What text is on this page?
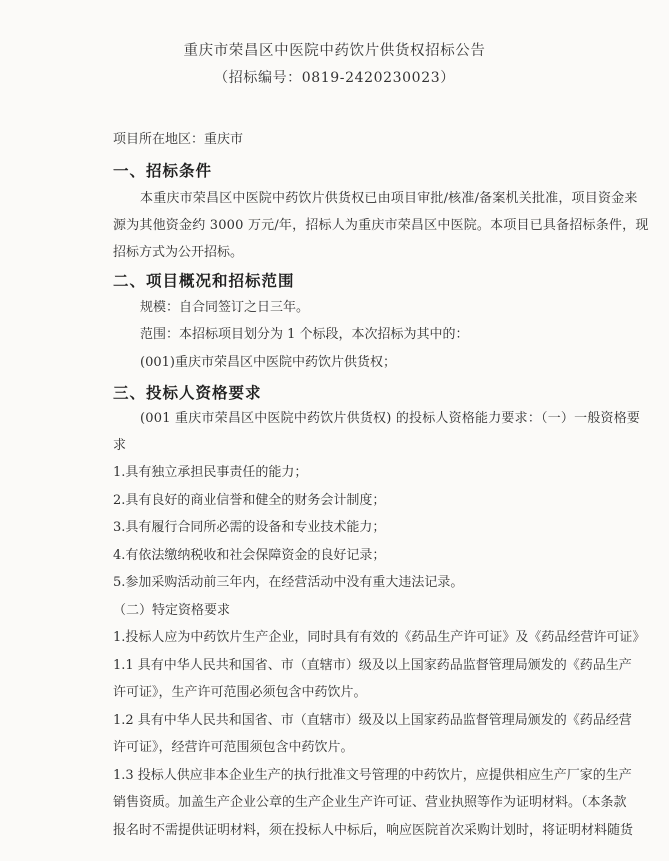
重庆市荣昌区中医院中药饮片供货权招标公告
（招标编号：0819-2420230023）
项目所在地区：重庆市
一、招标条件
本重庆市荣昌区中医院中药饮片供货权已由项目审批/核准/备案机关批准，项目资金来
源为其他资金约 3000 万元/年，招标人为重庆市荣昌区中医院。本项目已具备招标条件，现
招标方式为公开招标。
二、项目概况和招标范围
规模：自合同签订之日三年。
范围：本招标项目划分为 1 个标段，本次招标为其中的：
(001)重庆市荣昌区中医院中药饮片供货权；
三、投标人资格要求
(001 重庆市荣昌区中医院中药饮片供货权) 的投标人资格能力要求：（一）一般资格要
求
1.具有独立承担民事责任的能力；
2.具有良好的商业信誉和健全的财务会计制度；
3.具有履行合同所必需的设备和专业技术能力；
4.有依法缴纳税收和社会保障资金的良好记录；
5.参加采购活动前三年内，在经营活动中没有重大违法记录。
（二）特定资格要求
1.投标人应为中药饮片生产企业，同时具有有效的《药品生产许可证》及《药品经营许可证》
1.1 具有中华人民共和国省、市（直辖市）级及以上国家药品监督管理局颁发的《药品生产
许可证》，生产许可范围必须包含中药饮片。
1.2 具有中华人民共和国省、市（直辖市）级及以上国家药品监督管理局颁发的《药品经营
许可证》，经营许可范围须包含中药饮片。
1.3 投标人供应非本企业生产的执行批准文号管理的中药饮片，应提供相应生产厂家的生产
销售资质。加盖生产企业公章的生产企业生产许可证、营业执照等作为证明材料。（本条款
报名时不需提供证明材料，须在投标人中标后，响应医院首次采购计划时，将证明材料随货
